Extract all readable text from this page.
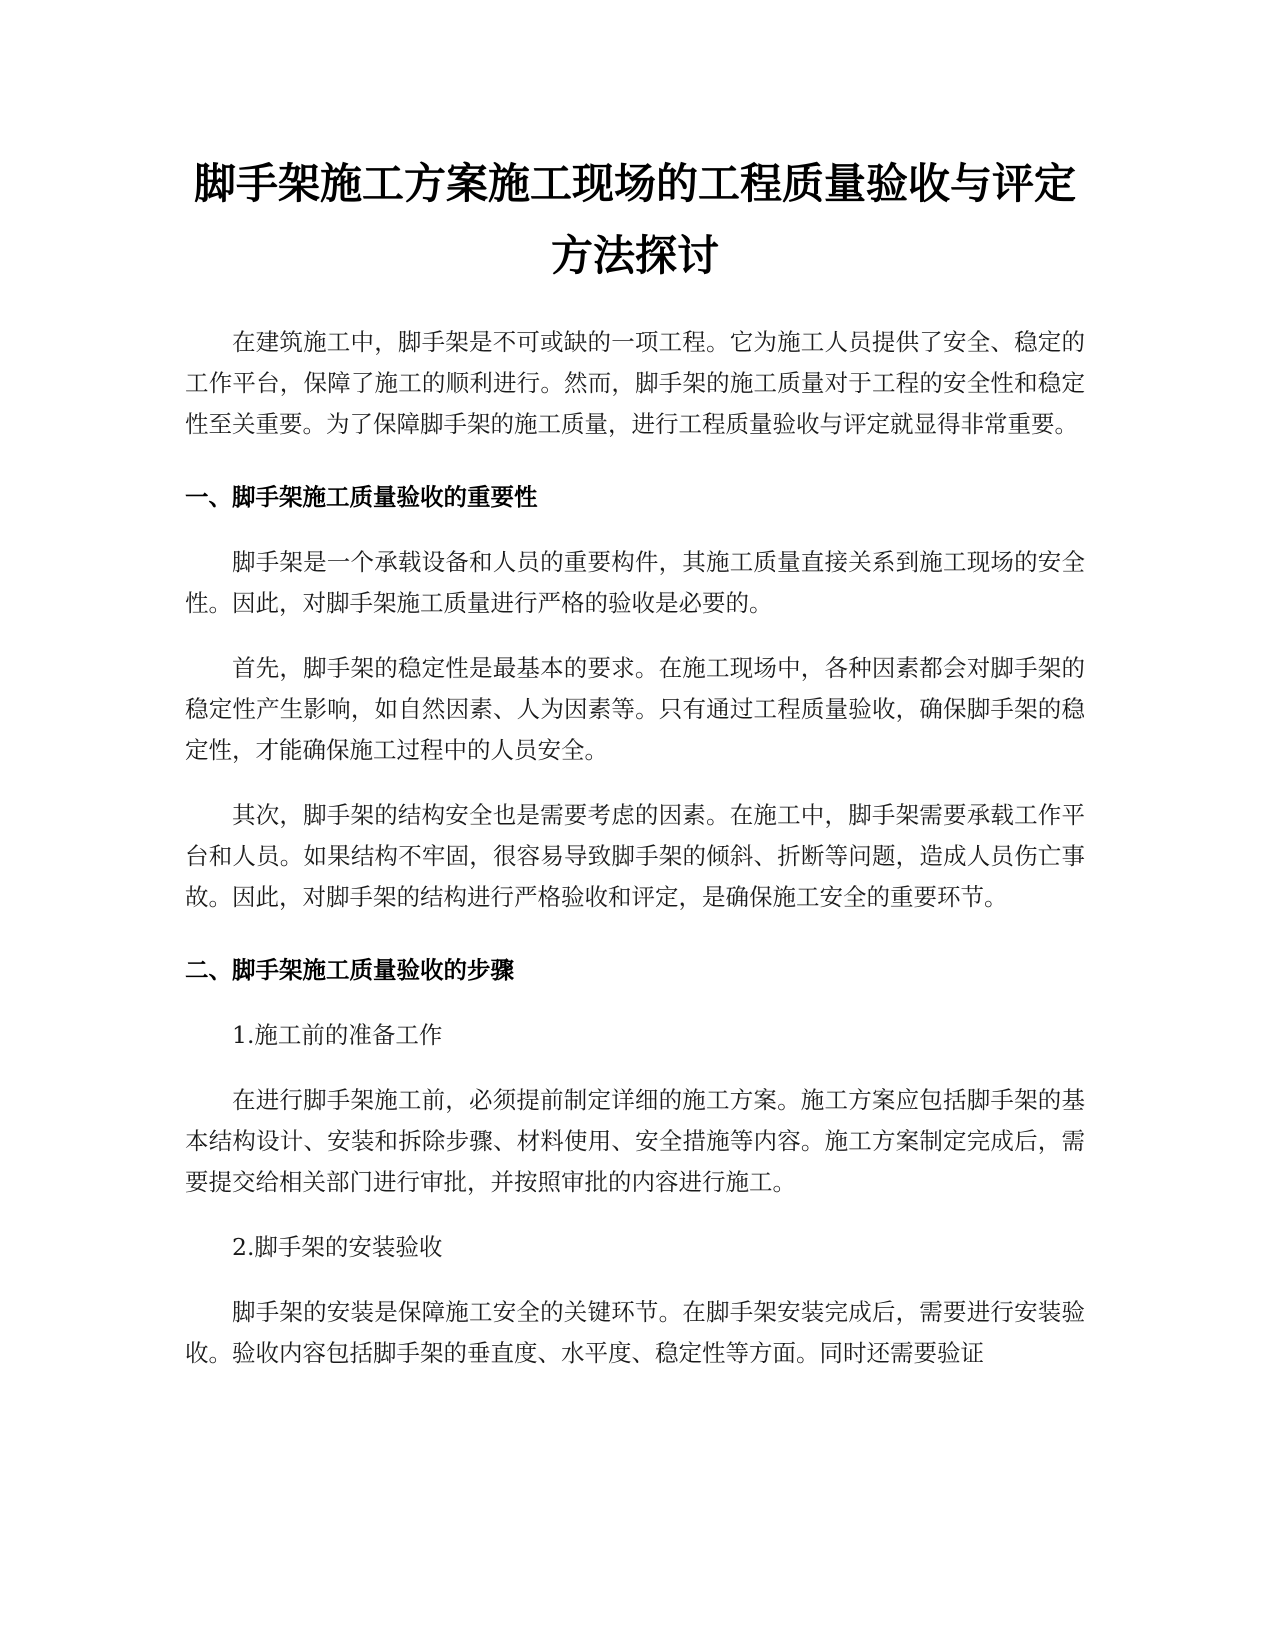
脚手架施工方案施工现场的工程质量验收与评定方法探讨

在建筑施工中，脚手架是不可或缺的一项工程。它为施工人员提供了安全、稳定的工作平台，保障了施工的顺利进行。然而，脚手架的施工质量对于工程的安全性和稳定性至关重要。为了保障脚手架的施工质量，进行工程质量验收与评定就显得非常重要。

一、脚手架施工质量验收的重要性

脚手架是一个承载设备和人员的重要构件，其施工质量直接关系到施工现场的安全性。因此，对脚手架施工质量进行严格的验收是必要的。

首先，脚手架的稳定性是最基本的要求。在施工现场中，各种因素都会对脚手架的稳定性产生影响，如自然因素、人为因素等。只有通过工程质量验收，确保脚手架的稳定性，才能确保施工过程中的人员安全。

其次，脚手架的结构安全也是需要考虑的因素。在施工中，脚手架需要承载工作平台和人员。如果结构不牢固，很容易导致脚手架的倾斜、折断等问题，造成人员伤亡事故。因此，对脚手架的结构进行严格验收和评定，是确保施工安全的重要环节。

二、脚手架施工质量验收的步骤

1.施工前的准备工作

在进行脚手架施工前，必须提前制定详细的施工方案。施工方案应包括脚手架的基本结构设计、安装和拆除步骤、材料使用、安全措施等内容。施工方案制定完成后，需要提交给相关部门进行审批，并按照审批的内容进行施工。

2.脚手架的安装验收

脚手架的安装是保障施工安全的关键环节。在脚手架安装完成后，需要进行安装验收。验收内容包括脚手架的垂直度、水平度、稳定性等方面。同时还需要验证
